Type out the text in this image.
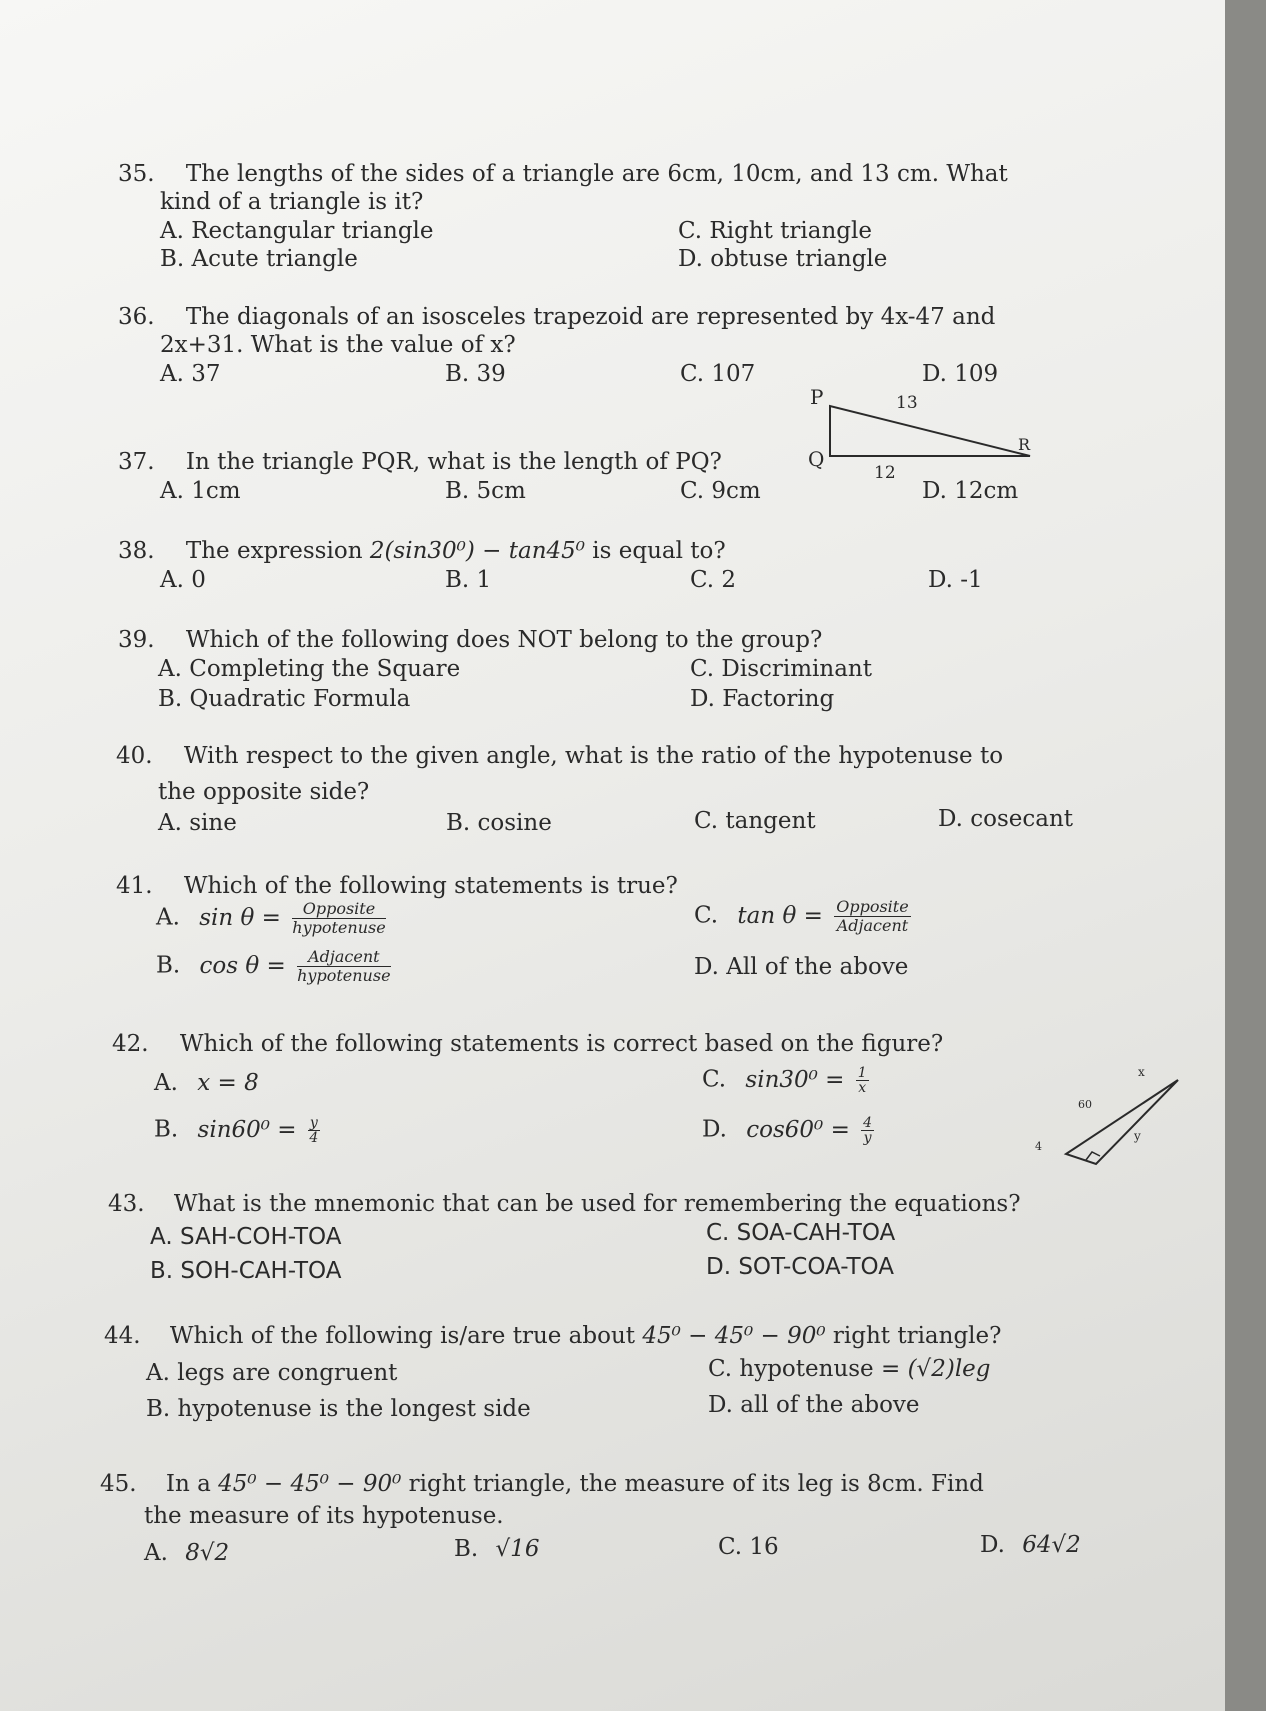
35. The lengths of the sides of a triangle are 6cm, 10cm, and 13 cm. What
kind of a triangle is it?
A. Rectangular triangle
B. Acute triangle
C. Right triangle
D. obtuse triangle
36. The diagonals of an isosceles trapezoid are represented by 4x-47 and
2x+31. What is the value of x?
A. 37	B. 39	C. 107	D. 109
P
Q
R
13
12
37. In the triangle PQR, what is the length of PQ?
A. 1cm	B. 5cm	C. 9cm	D. 12cm
38. The expression 2(sin30⁰) − tan45⁰ is equal to?
A. 0	B. 1	C. 2	D. -1
39. Which of the following does NOT belong to the group?
A. Completing the Square
B. Quadratic Formula
C. Discriminant
D. Factoring
40. With respect to the given angle, what is the ratio of the hypotenuse to
the opposite side?
A. sine	B. cosine	C. tangent	D. cosecant
41. Which of the following statements is true?
A. $\sin \theta = \frac{\text{Opposite}}{\text{hypotenuse}}$
B. $\cos \theta = \frac{\text{Adjacent}}{\text{hypotenuse}}$
C. $\tan \theta = \frac{\text{Opposite}}{\text{Adjacent}}$
D. All of the above
42. Which of the following statements is correct based on the figure?
A. x = 8
B. $\sin 60^0 = \frac{y}{4}$
C. $\sin 30^0 = \frac{1}{x}$
D. $\cos 60^0 = \frac{4}{y}$
60
x
y
4
43. What is the mnemonic that can be used for remembering the equations?
A. SAH-COH-TOA
B. SOH-CAH-TOA
C. SOA-CAH-TOA
D. SOT-COA-TOA
44. Which of the following is/are true about 45⁰ − 45⁰ − 90⁰ right triangle?
A. legs are congruent
B. hypotenuse is the longest side
C. hypotenuse = (√2)leg
D. all of the above
45. In a 45⁰ − 45⁰ − 90⁰ right triangle, the measure of its leg is 8cm. Find
the measure of its hypotenuse.
A. 8√2	B. √16	C. 16	D. 64√2
